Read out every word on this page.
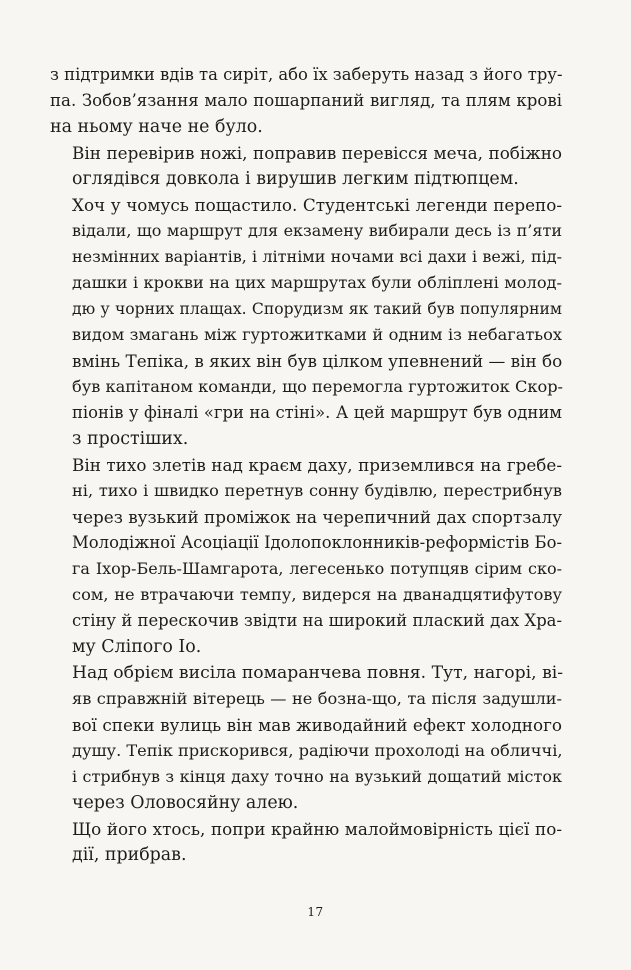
з підтримки вдів та сиріт, або їх заберуть назад з його тру-
па. Зобов’язання мало пошарпаний вигляд, та плям крові
на ньому наче не було.

Він перевірив ножі, поправив перевісся меча, побіжно
оглядівся довкола і вирушив легким підтюпцем.

Хоч у чомусь пощастило. Студентські легенди перепо-
відали, що маршрут для екзамену вибирали десь із п’яти
незмінних варіантів, і літніми ночами всі дахи і вежі, під-
дашки і крокви на цих маршрутах були обліплені молод-
дю у чорних плащах. Спорудизм як такий був популярним
видом змагань між гуртожитками й одним із небагатьох
вмінь Тепіка, в яких він був цілком упевнений — він бо
був капітаном команди, що перемогла гуртожиток Скор-
піонів у фіналі «гри на стіні». А цей маршрут був одним
з простіших.

Він тихо злетів над краєм даху, приземлився на гребе-
ні, тихо і швидко перетнув сонну будівлю, перестрибнув
через вузький проміжок на черепичний дах спортзалу
Молодіжної Асоціації Ідолопоклонників-реформістів Бо-
га Іхор-Бель-Шамгарота, легесенько потупцяв сірим ско-
сом, не втрачаючи темпу, видерся на дванадцятифутову
стіну й перескочив звідти на широкий плаский дах Хра-
му Сліпого Іо.

Над обрієм висіла помаранчева повня. Тут, нагорі, ві-
яв справжній вітерець — не бозна-що, та після задушли-
вої спеки вулиць він мав живодайний ефект холодного
душу. Тепік прискорився, радіючи прохолоді на обличчі,
і стрибнув з кінця даху точно на вузький дощатий місток
через Оловосяйну алею.

Що його хтось, попри крайню малоймовірність цієї по-
дії, прибрав.

17
